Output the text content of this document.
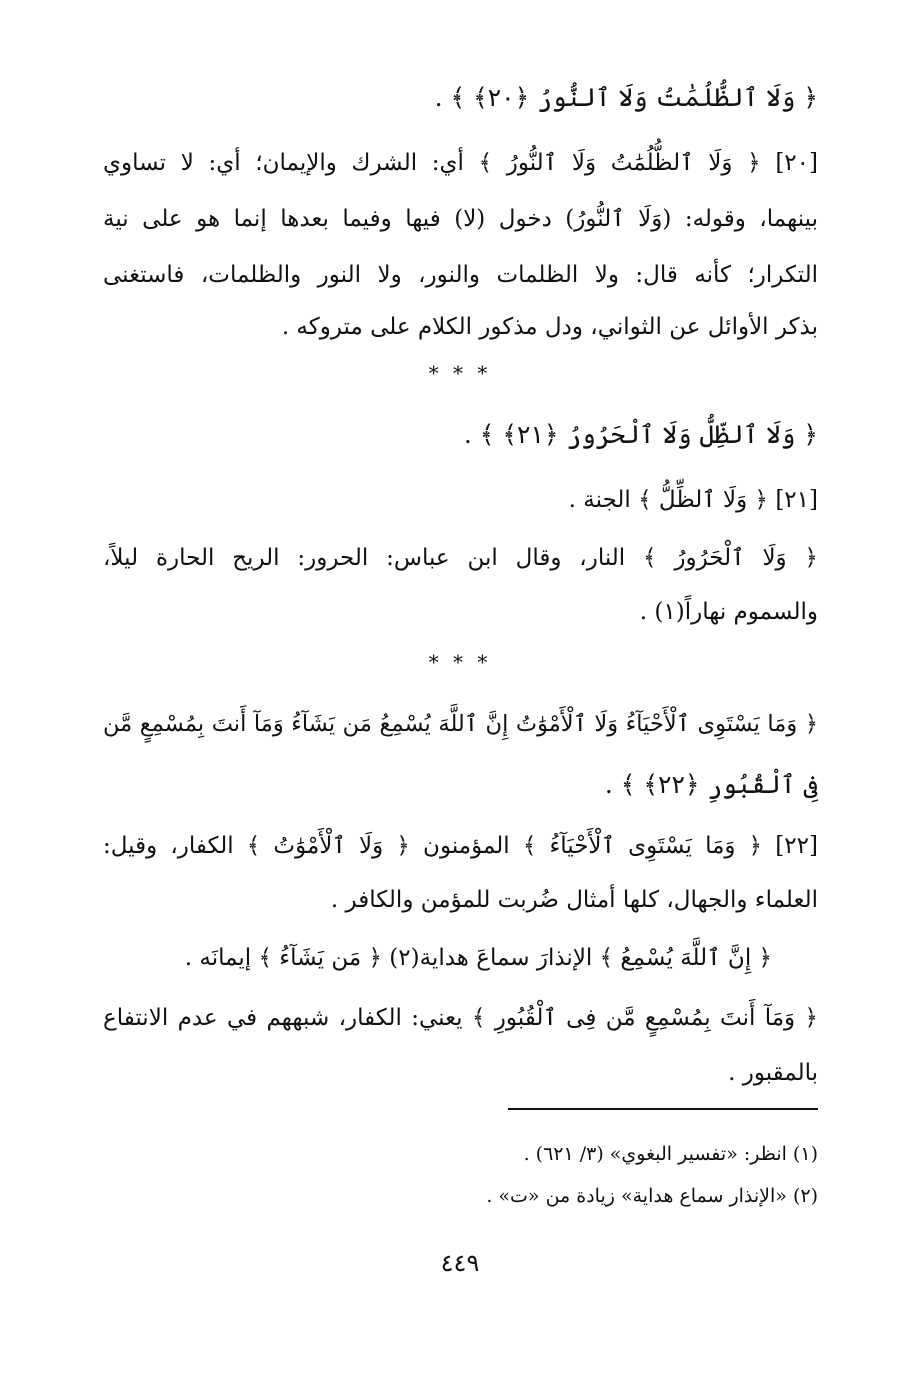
﴿ وَلَا ٱلظُّلُمَٰتُ وَلَا ٱلنُّورُ ﴿٢٠﴾ ﴾ .
[٢٠] ﴿ وَلَا ٱلظُّلُمَٰتُ وَلَا ٱلنُّورُ ﴾ أي: الشرك والإيمان؛ أي: لا تساوي
بينهما، وقوله: (وَلَا ٱلنُّورُ) دخول (لا) فيها وفيما بعدها إنما هو على نية
التكرار؛ كأنه قال: ولا الظلمات والنور، ولا النور والظلمات، فاستغنى
بذكر الأوائل عن الثواني، ودل مذكور الكلام على متروكه .
* * *
﴿ وَلَا ٱلظِّلُّ وَلَا ٱلْحَرُورُ ﴿٢١﴾ ﴾ .
[٢١] ﴿ وَلَا ٱلظِّلُّ ﴾ الجنة .
﴿ وَلَا ٱلْحَرُورُ ﴾ النار، وقال ابن عباس: الحرور: الريح الحارة ليلاً،
والسموم نهاراً(١) .
* * *
﴿ وَمَا يَسْتَوِى ٱلْأَحْيَآءُ وَلَا ٱلْأَمْوَٰتُ إِنَّ ٱللَّهَ يُسْمِعُ مَن يَشَآءُ وَمَآ أَنتَ بِمُسْمِعٍ مَّن
فِى ٱلْقُبُورِ ﴿٢٢﴾ ﴾ .
[٢٢] ﴿ وَمَا يَسْتَوِى ٱلْأَحْيَآءُ ﴾ المؤمنون ﴿ وَلَا ٱلْأَمْوَٰتُ ﴾ الكفار، وقيل:
العلماء والجهال، كلها أمثال ضُربت للمؤمن والكافر .
﴿ إِنَّ ٱللَّهَ يُسْمِعُ ﴾ الإنذارَ سماعَ هداية(٢) ﴿ مَن يَشَآءُ ﴾ إيمانَه .
﴿ وَمَآ أَنتَ بِمُسْمِعٍ مَّن فِى ٱلْقُبُورِ ﴾ يعني: الكفار، شبههم في عدم الانتفاع
بالمقبور .
(١) انظر: «تفسير البغوي» (٣/ ٦٢١) .
(٢) «الإنذار سماع هداية» زيادة من «ت» .
٤٤٩
